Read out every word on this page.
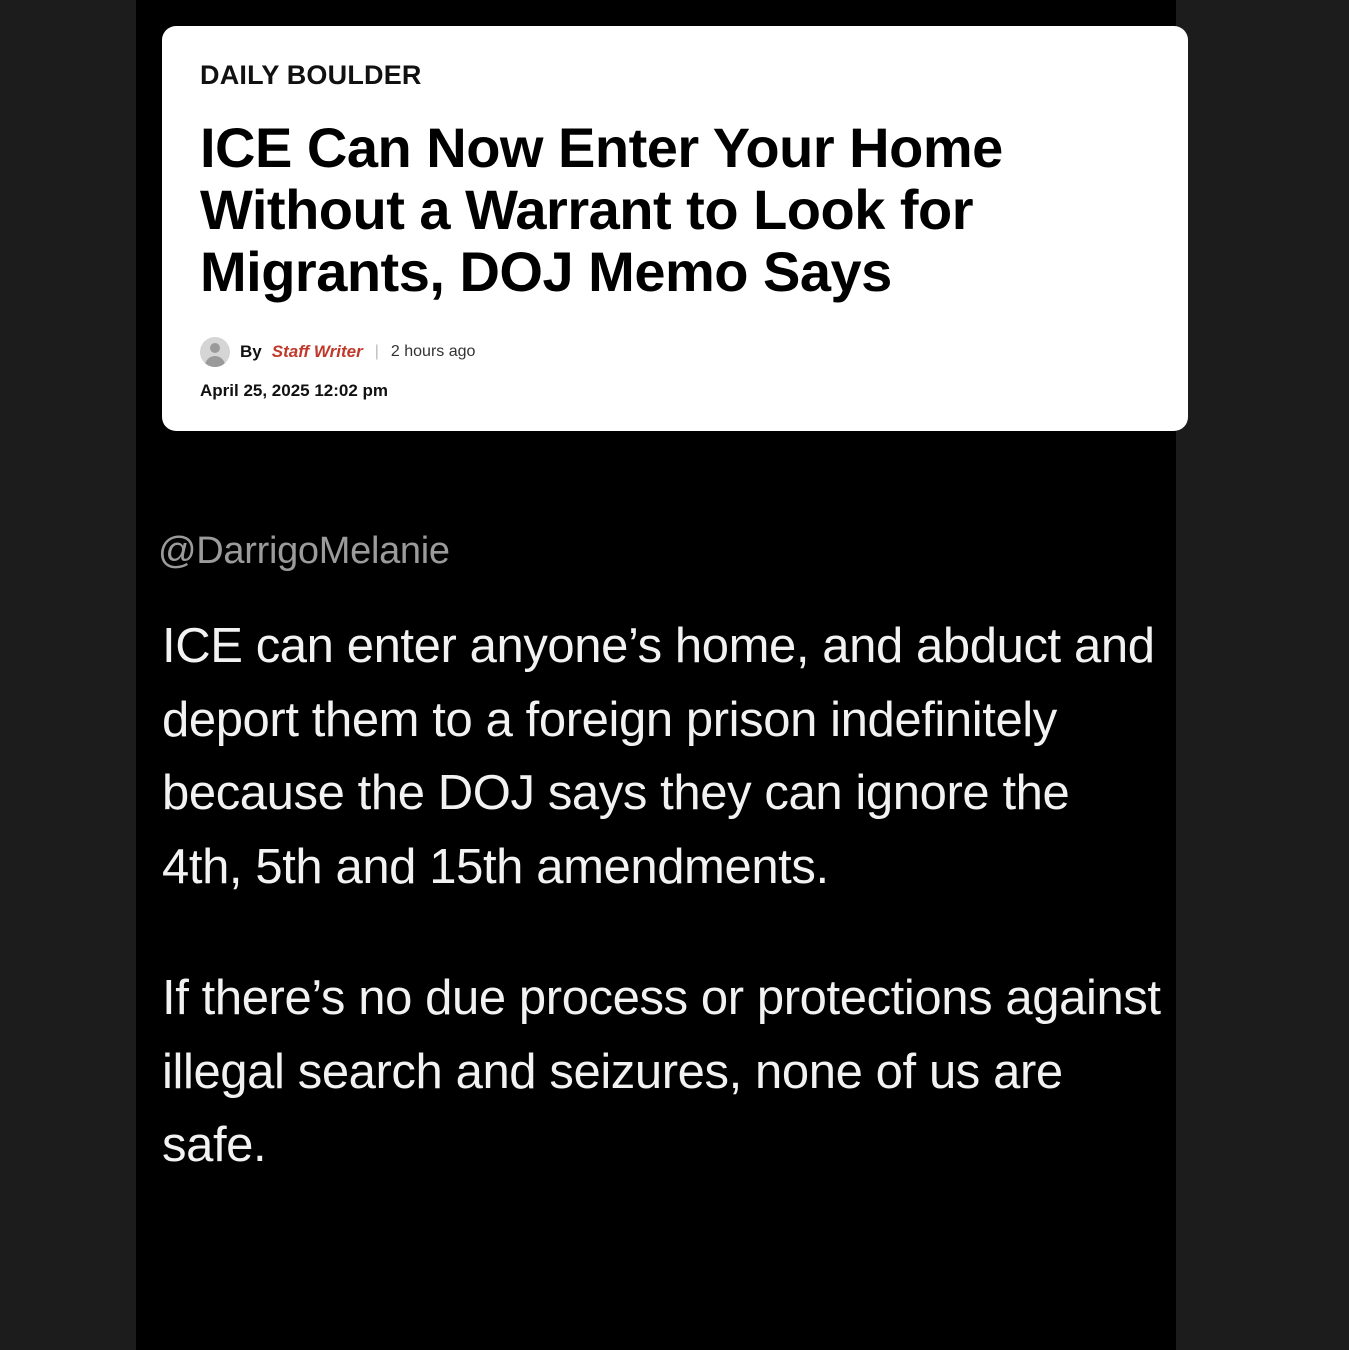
DAILY BOULDER
ICE Can Now Enter Your Home Without a Warrant to Look for Migrants, DOJ Memo Says
By Staff Writer | 2 hours ago
April 25, 2025 12:02 pm
@DarrigoMelanie

ICE can enter anyone’s home, and abduct and deport them to a foreign prison indefinitely because the DOJ says they can ignore the 4th, 5th and 15th amendments.

If there’s no due process or protections against illegal search and seizures, none of us are safe.
